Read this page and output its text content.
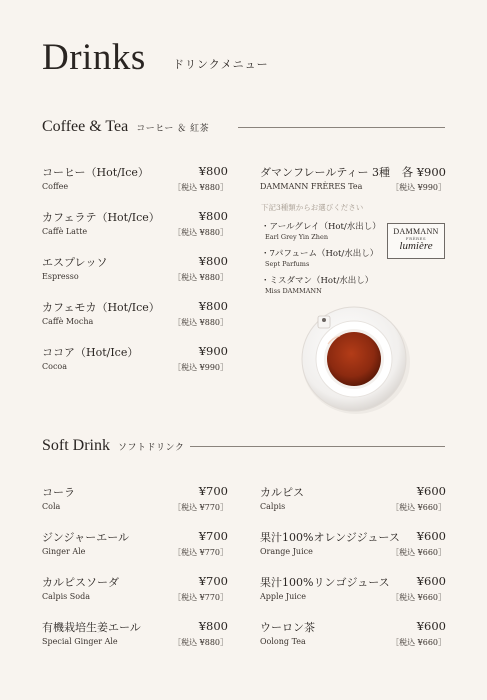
Drinks ドリンクメニュー
Coffee & Tea コーヒー ＆ 紅茶
コーヒー（Hot/Ice）	¥800
Coffee	［税込 ¥880］
カフェラテ（Hot/Ice）	¥800
Caffè Latte	［税込 ¥880］
エスプレッソ	¥800
Espresso	［税込 ¥880］
カフェモカ（Hot/Ice）	¥800
Caffè Mocha	［税込 ¥880］
ココア（Hot/Ice）	¥900
Cocoa	［税込 ¥990］
ダマンフレールティー 3種 各 ¥900
DAMMANN FRÈRES Tea	［税込 ¥990］
下記3種類からお選びください
・アールグレイ（Hot/水出し）
Earl Grey Yin Zhen
・7パフューム（Hot/水出し）
Sept Parfums
・ミスダマン（Hot/水出し）
Miss DAMMANN
DAMMANN
FRÈRES
lumière
Soft Drink ソフトドリンク
コーラ	¥700
Cola	［税込 ¥770］
ジンジャーエール	¥700
Ginger Ale	［税込 ¥770］
カルピスソーダ	¥700
Calpis Soda	［税込 ¥770］
有機栽培生姜エール	¥800
Special Ginger Ale	［税込 ¥880］
カルピス	¥600
Calpis	［税込 ¥660］
果汁100%オレンジジュース ¥600
Orange Juice	［税込 ¥660］
果汁100%リンゴジュース ¥600
Apple Juice	［税込 ¥660］
ウーロン茶	¥600
Oolong Tea	［税込 ¥660］
